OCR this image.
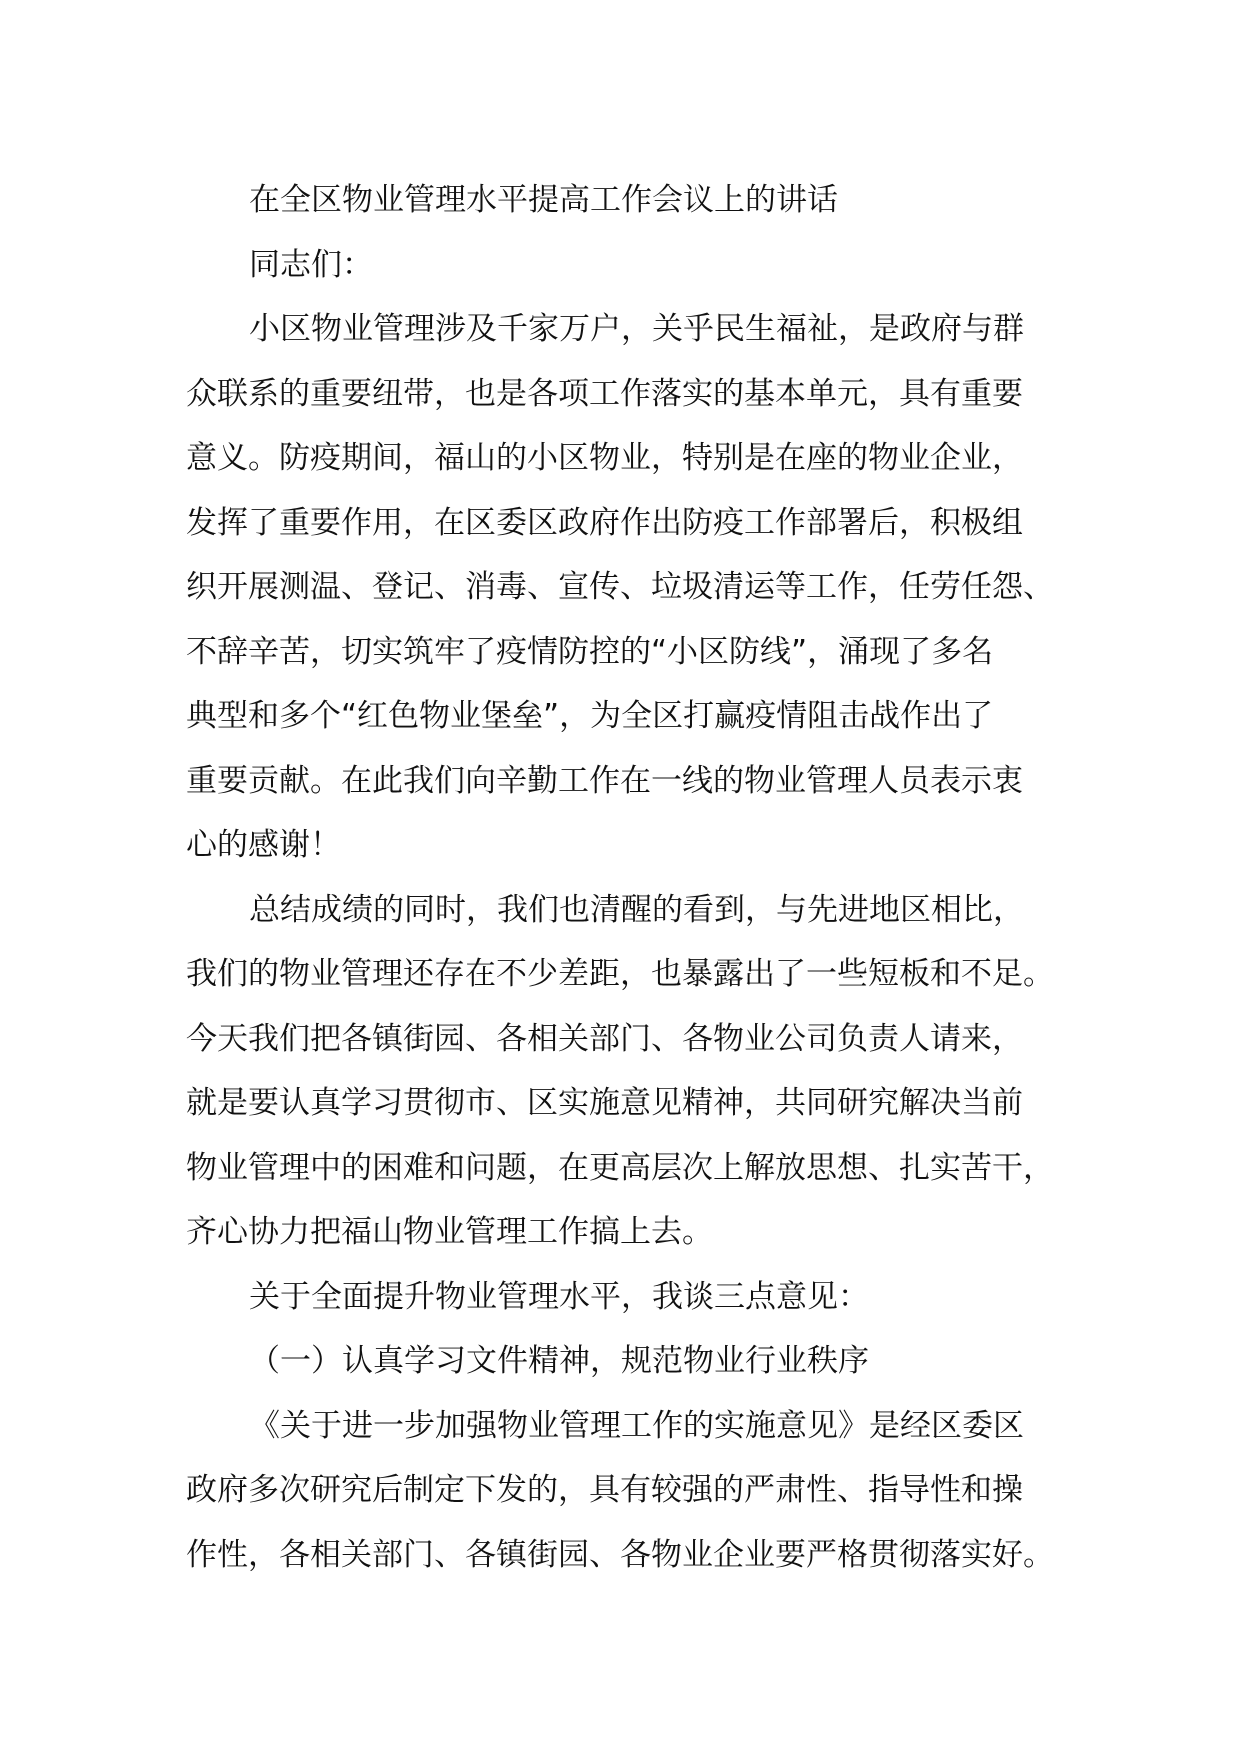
在全区物业管理水平提高工作会议上的讲话
同志们：
小区物业管理涉及千家万户，关乎民生福祉，是政府与群
众联系的重要纽带，也是各项工作落实的基本单元，具有重要
意义。防疫期间，福山的小区物业，特别是在座的物业企业，
发挥了重要作用，在区委区政府作出防疫工作部署后，积极组
织开展测温、登记、消毒、宣传、垃圾清运等工作，任劳任怨、
不辞辛苦，切实筑牢了疫情防控的“小区防线”，涌现了多名
典型和多个“红色物业堡垒”，为全区打赢疫情阻击战作出了
重要贡献。在此我们向辛勤工作在一线的物业管理人员表示衷
心的感谢！
总结成绩的同时，我们也清醒的看到，与先进地区相比，
我们的物业管理还存在不少差距，也暴露出了一些短板和不足。
今天我们把各镇街园、各相关部门、各物业公司负责人请来，
就是要认真学习贯彻市、区实施意见精神，共同研究解决当前
物业管理中的困难和问题，在更高层次上解放思想、扎实苦干，
齐心协力把福山物业管理工作搞上去。
关于全面提升物业管理水平，我谈三点意见：
（一）认真学习文件精神，规范物业行业秩序
《关于进一步加强物业管理工作的实施意见》是经区委区
政府多次研究后制定下发的，具有较强的严肃性、指导性和操
作性，各相关部门、各镇街园、各物业企业要严格贯彻落实好。
